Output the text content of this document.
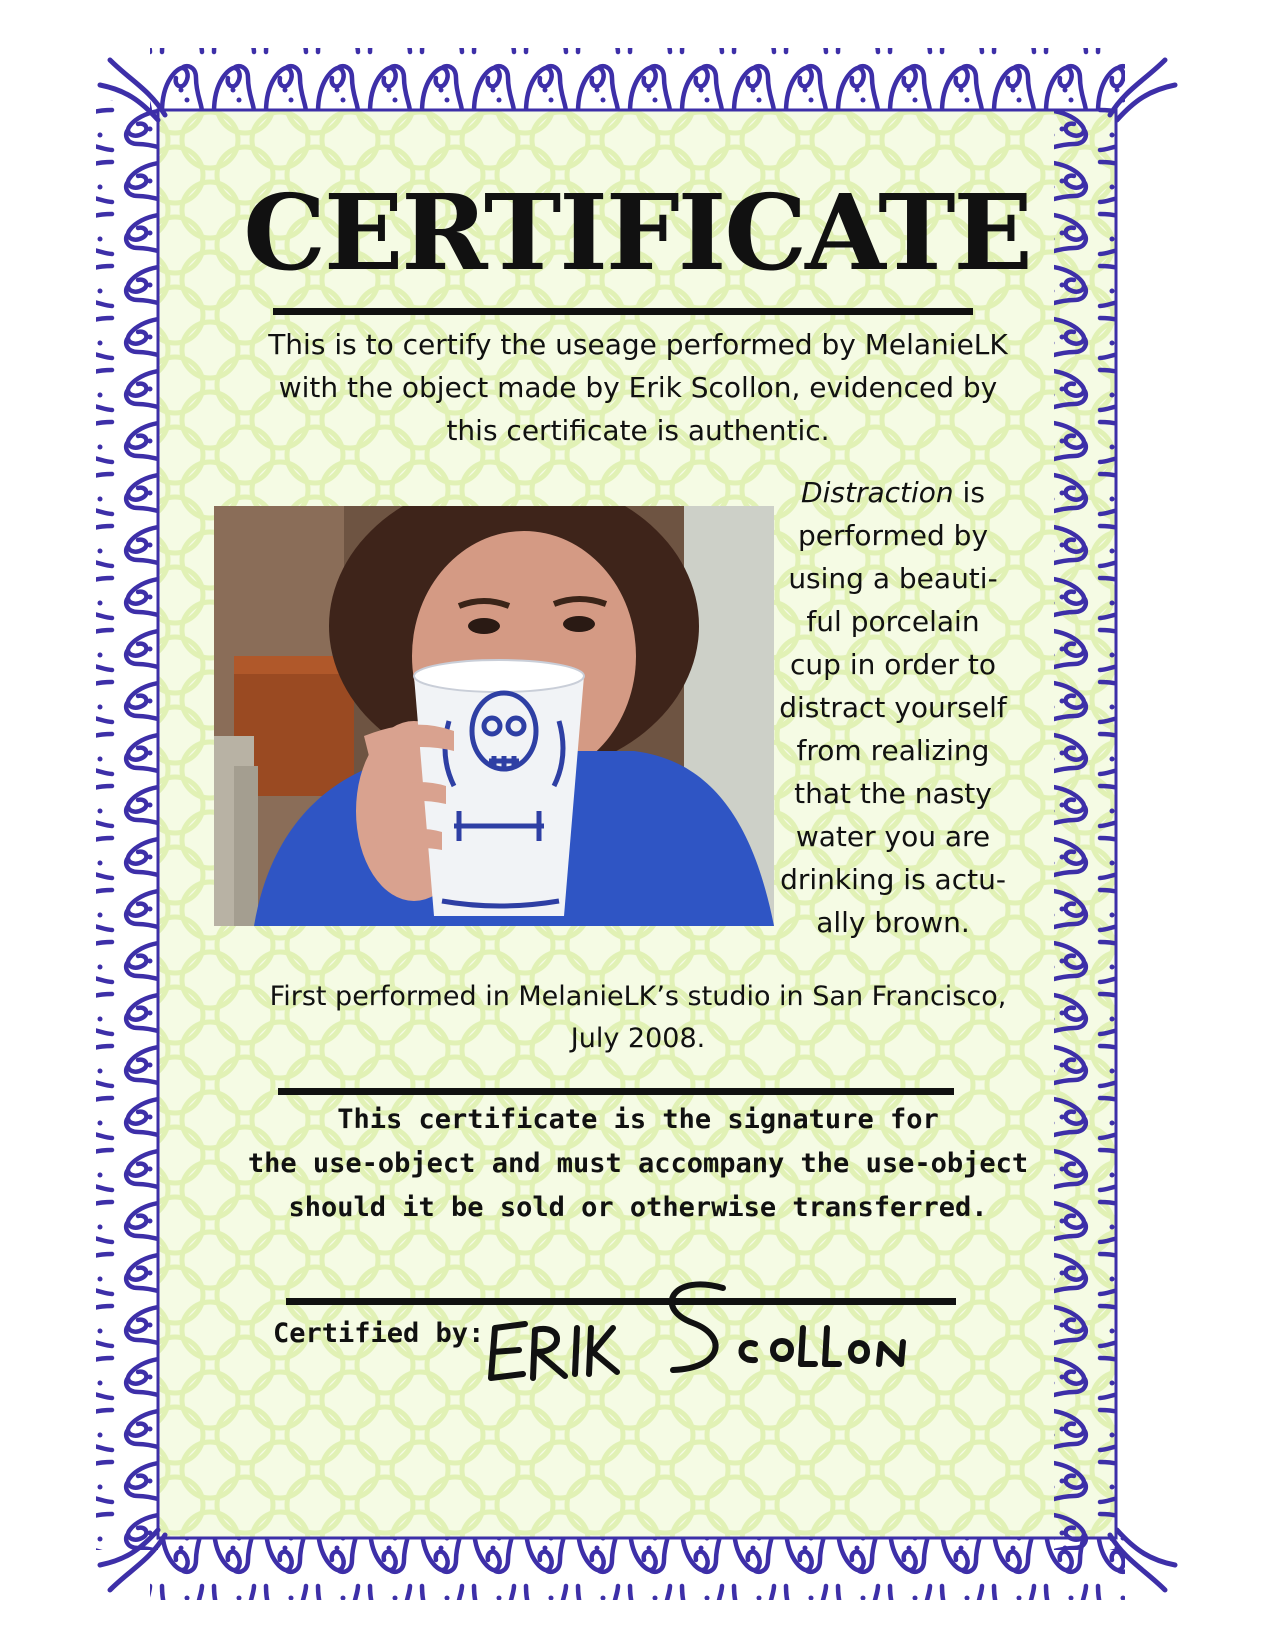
CERTIFICATE

This is to certify the useage performed by MelanieLK
with the object made by Erik Scollon, evidenced by
this certificate is authentic.

Distraction is
performed by
using a beauti-
ful porcelain
cup in order to
distract yourself
from realizing
that the nasty
water you are
drinking is actu-
ally brown.

First performed in MelanieLK’s studio in San Francisco,
July 2008.

This certificate is the signature for
the use-object and must accompany the use-object
should it be sold or otherwise transferred.

Certified by:
